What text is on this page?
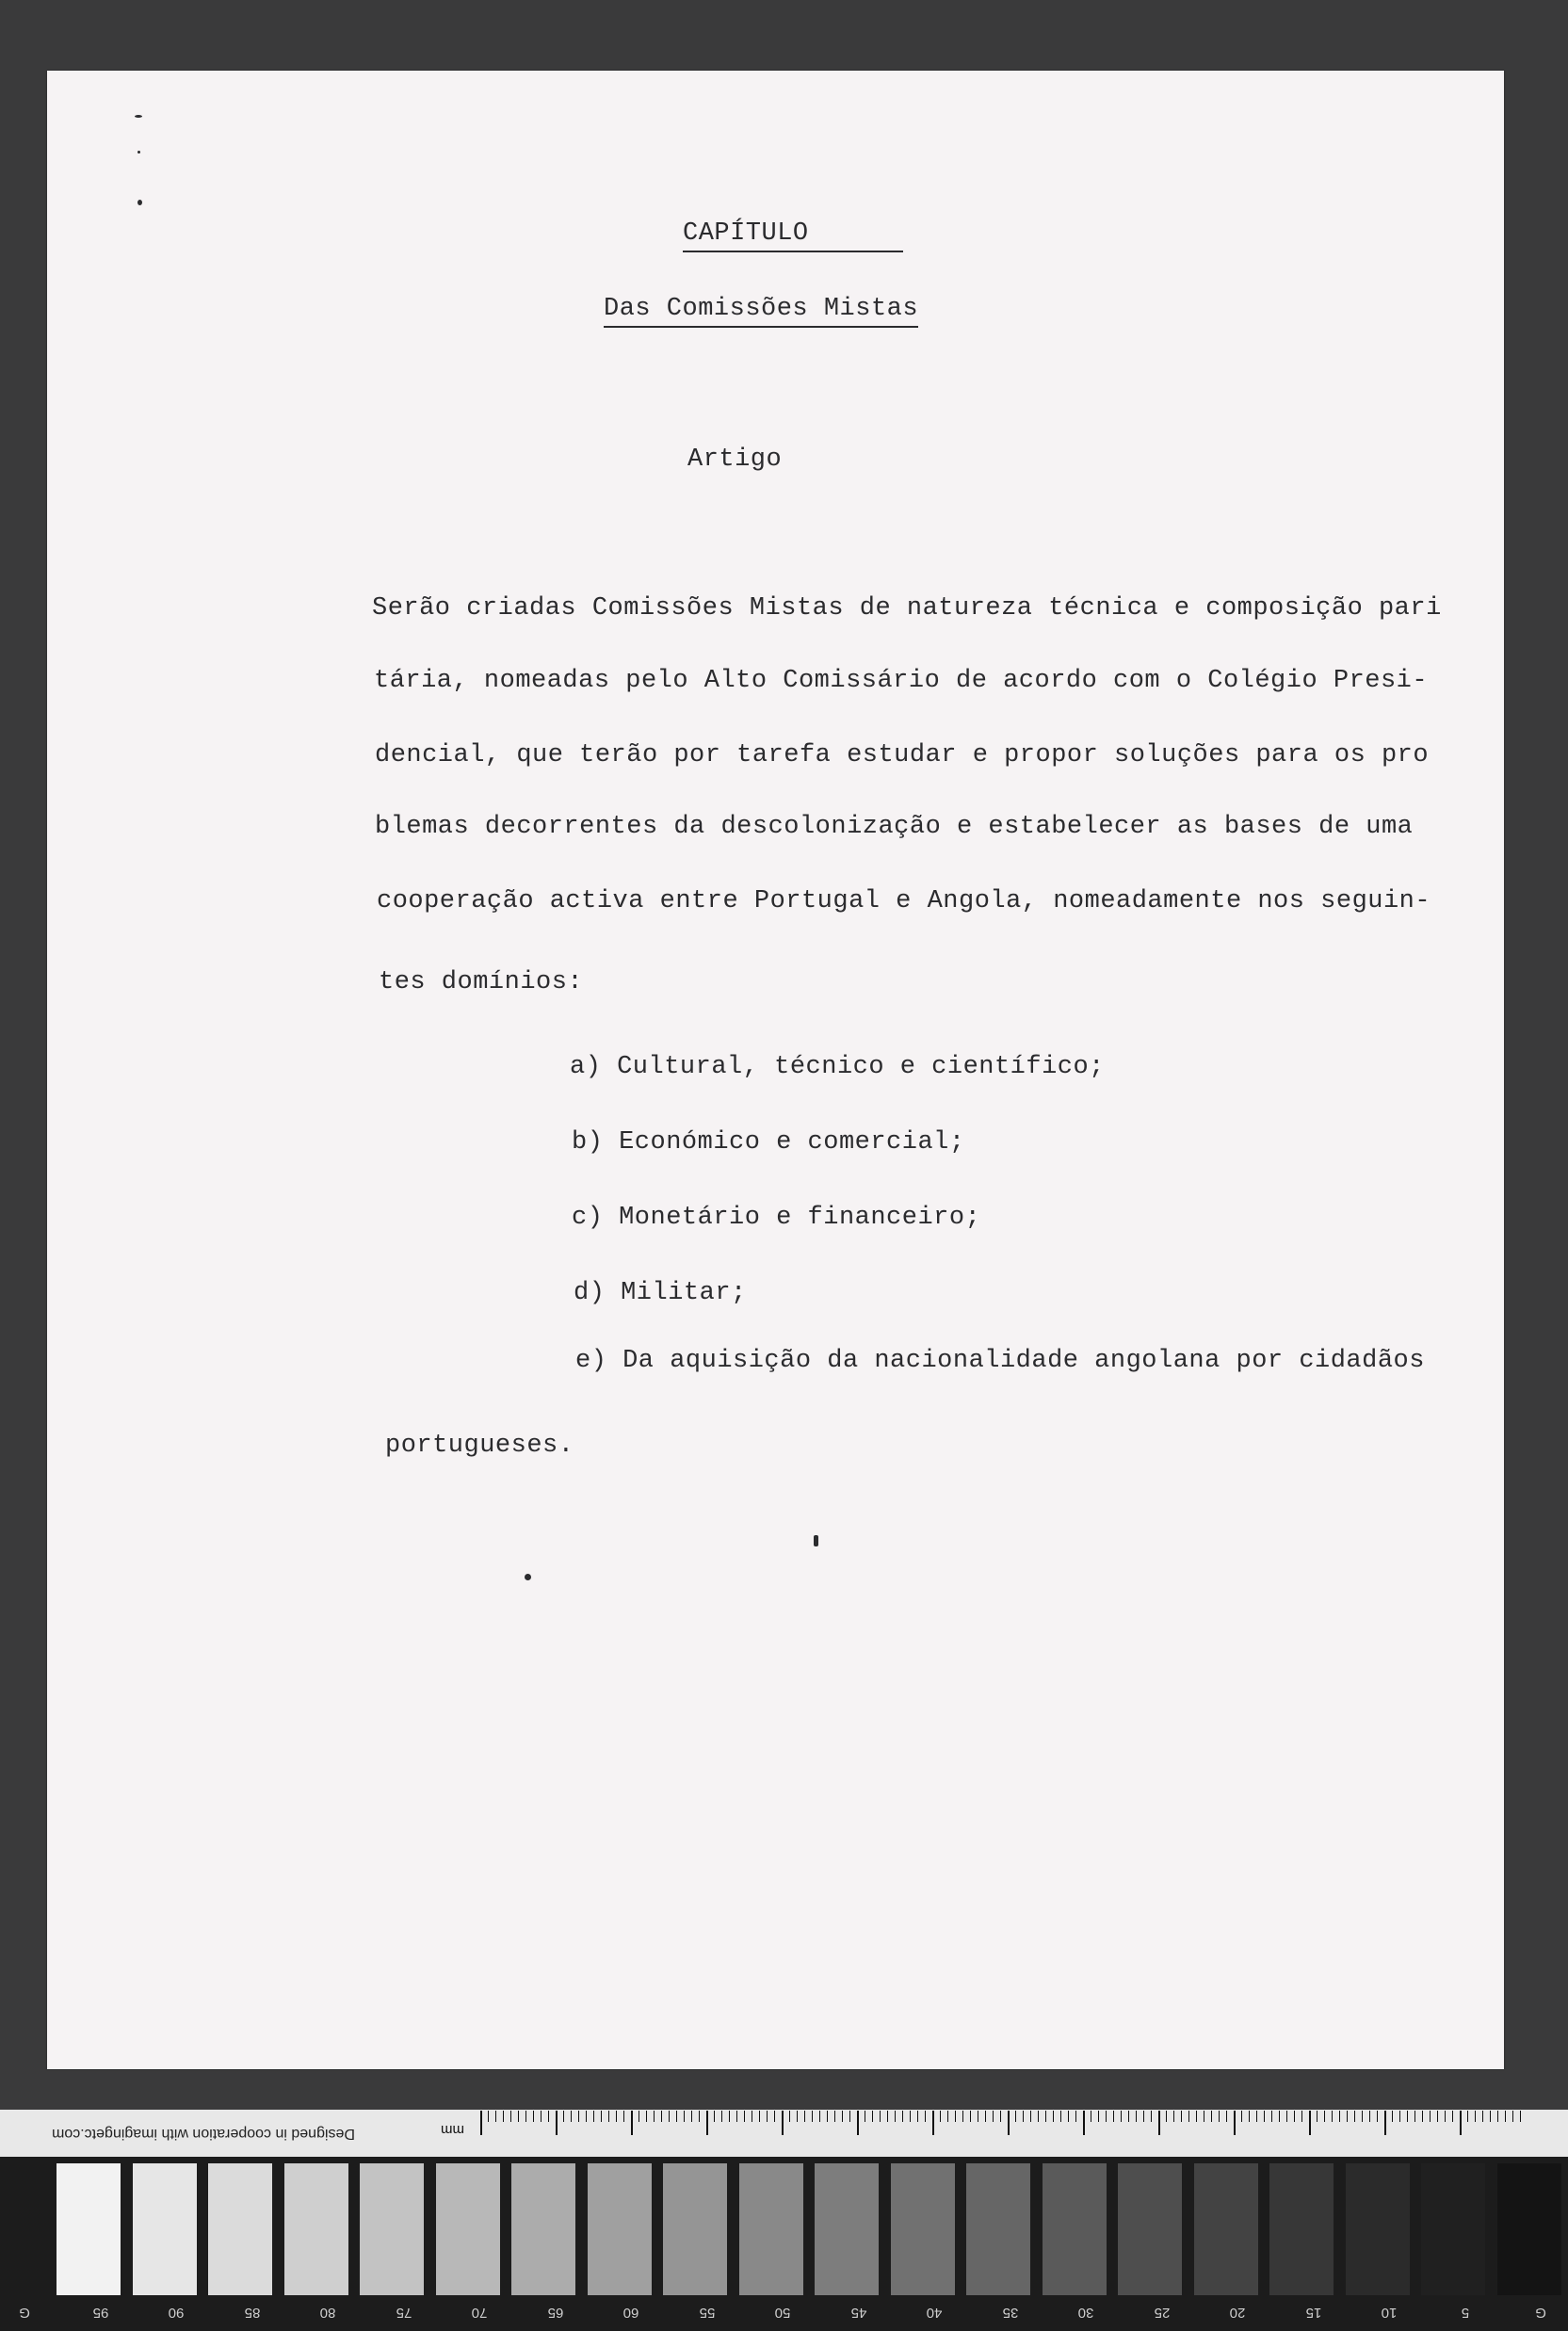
CAPÍTULO
Das Comissões Mistas
Artigo
Serão criadas Comissões Mistas de natureza técnica e composição pari
tária, nomeadas pelo Alto Comissário de acordo com o Colégio Presi-
dencial, que terão por tarefa estudar e propor soluções para os pro
blemas decorrentes da descolonização e estabelecer as bases de uma
cooperação activa entre Portugal e Angola, nomeadamente nos seguin-
tes domínios:
a) Cultural, técnico e científico;
b) Económico e comercial;
c) Monetário e financeiro;
d) Militar;
e) Da aquisição da nacionalidade angolana por cidadãos
portugueses.
Designed in cooperation with imagingetc.com	mm
G	95	90	85	80	75	70	65	60	55	50	45	40	35	30	25	20	15	10	5	G
